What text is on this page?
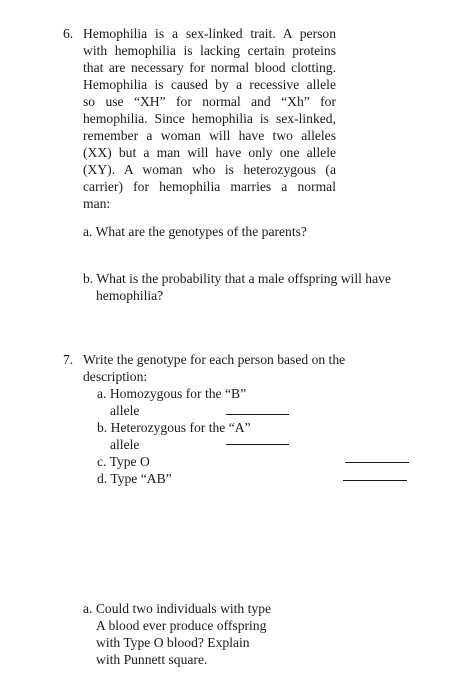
6. Hemophilia is a sex-linked trait. A person
with hemophilia is lacking certain proteins
that are necessary for normal blood clotting.
Hemophilia is caused by a recessive allele
so use “XH” for normal and “Xh” for
hemophilia. Since hemophilia is sex-linked,
remember a woman will have two alleles
(XX) but a man will have only one allele
(XY). A woman who is heterozygous (a
carrier) for hemophilia marries a normal
man:
a. What are the genotypes of the parents?
b. What is the probability that a male offspring will have
hemophilia?
7. Write the genotype for each person based on the
description:
a. Homozygous for the “B”
allele
b. Heterozygous for the “A”
allele
c. Type O
d. Type “AB”
a. Could two individuals with type
A blood ever produce offspring
with Type O blood? Explain
with Punnett square.
